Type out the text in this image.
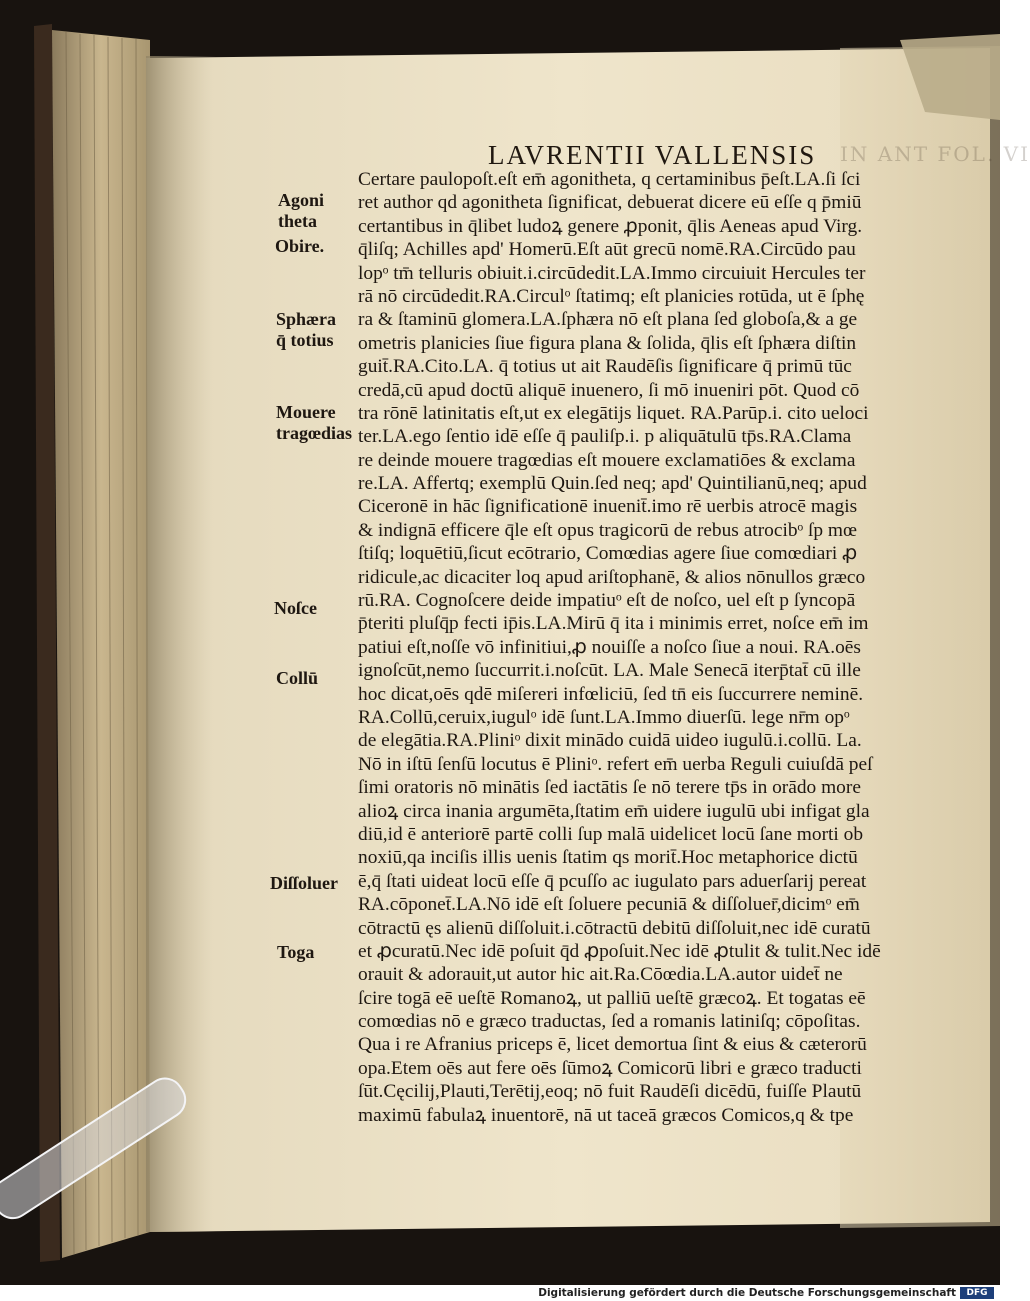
IN ANT FOL. VI
LAVRENTII VALLENSIS
Certare paulopoſt.eſt em̄ agonitheta, q certaminibus p̄eſt.LA.ſi ſci
ret author qd agonitheta ſignificat, debuerat dicere eū eſſe q p̄miū
certantibus in q̄libet ludoꝝ genere ꝓponit, q̄lis Aeneas apud Virg.
q̄liſq; Achilles apd' Homerū.Eſt aūt grecū nomē.RA.Circūdo pau
lopᵒ tm̄ telluris obiuit.i.circūdedit.LA.Immo circuiuit Hercules ter
rā nō circūdedit.RA.Circulᵒ ſtatimq; eſt planicies rotūda, ut ē ſphę
ra & ſtaminū glomera.LA.ſphæra nō eſt plana ſed globoſa,& a ge
ometris planicies ſiue figura plana & ſolida, q̄lis eſt ſphæra diſtin
guit̄.RA.Cito.LA. q̄ totius ut ait Raudēſis ſignificare q̄ primū tūc
credā,cū apud doctū aliquē inuenero, ſi mō inueniri pōt. Quod cō
tra rōnē latinitatis eſt,ut ex elegātijs liquet. RA.Parūp.i. cito ueloci
ter.LA.ego ſentio idē eſſe q̄ pauliſp.i. p aliquātulū tp̄s.RA.Clama
re deinde mouere tragœdias eſt mouere exclamatiōes & exclama
re.LA. Affertq; exemplū Quin.ſed neq; apd' Quintilianū,neq; apud
Ciceronē in hāc ſignificationē inuenit̄.imo rē uerbis atrocē magis
& indignā efficere q̄le eſt opus tragicorū de rebus atrocibᵒ ſp mœ
ſtiſq; loquētiū,ſicut ecōtrario, Comœdias agere ſiue comœdiari ꝓ
ridicule,ac dicaciter loq apud ariſtophanē, & alios nōnullos græco
rū.RA. Cognoſcere deide impatiuᵒ eſt de noſco, uel eſt p ſyncopā
p̄teriti pluſq̄p fecti ip̄is.LA.Mirū q̄ ita i minimis erret, noſce em̄ im
patiui eſt,noſſe vō infinitiui,ꝓ nouiſſe a noſco ſiue a noui. RA.oēs
ignoſcūt,nemo ſuccurrit.i.noſcūt. LA. Male Senecā iterp̄tat̄ cū ille
hoc dicat,oēs qdē miſereri infœliciū, ſed tn̄ eis ſuccurrere neminē.
RA.Collū,ceruix,iugulᵒ idē ſunt.LA.Immo diuerſū. lege nr̄m opᵒ
de elegātia.RA.Pliniᵒ dixit minādo cuidā uideo iugulū.i.collū. La.
Nō in iſtū ſenſū locutus ē Pliniᵒ. refert em̄ uerba Reguli cuiuſdā peſ
ſimi oratoris nō minātis ſed iactātis ſe nō terere tp̄s in orādo more
alioꝝ circa inania argumēta,ſtatim em̄ uidere iugulū ubi infigat gla
diū,id ē anteriorē partē colli ſup malā uidelicet locū ſane morti ob
noxiū,qa inciſis illis uenis ſtatim qs morit̄.Hoc metaphorice dictū
ē,q̄ ſtati uideat locū eſſe q̄ pcuſſo ac iugulato pars aduerſarij pereat
RA.cōponet̄.LA.Nō idē eſt ſoluere pecuniā & diſſoluer̄,dicimᵒ em̄
cōtractū ęs alienū diſſoluit.i.cōtractū debitū diſſoluit,nec idē curatū
et ꝓcuratū.Nec idē poſuit q̄d ꝓpoſuit.Nec idē ꝓtulit & tulit.Nec idē
orauit & adorauit,ut autor hic ait.Ra.Cōœdia.LA.autor uidet̄ ne
ſcire togā eē ueſtē Romanoꝝ, ut palliū ueſtē græcoꝝ. Et togatas eē
comœdias nō e græco traductas, ſed a romanis latiniſq; cōpoſitas.
Qua i re Afranius priceps ē, licet demortua ſint & eius & cæterorū
opa.Etem oēs aut fere oēs ſūmoꝝ Comicorū libri e græco traducti
ſūt.Cęcilij,Plauti,Terētij,eoq; nō fuit Raudēſi dicēdū, fuiſſe Plautū
maximū fabulaꝝ inuentorē, nā ut taceā græcos Comicos,q & tpe
Agoni
theta
Obire.
Sphæra
q̄ totius
Mouere
tragœdias
Noſce
Collū
Diſſoluer
Toga
Digitalisierung gefördert durch die Deutsche Forschungsgemeinschaft	DFG
